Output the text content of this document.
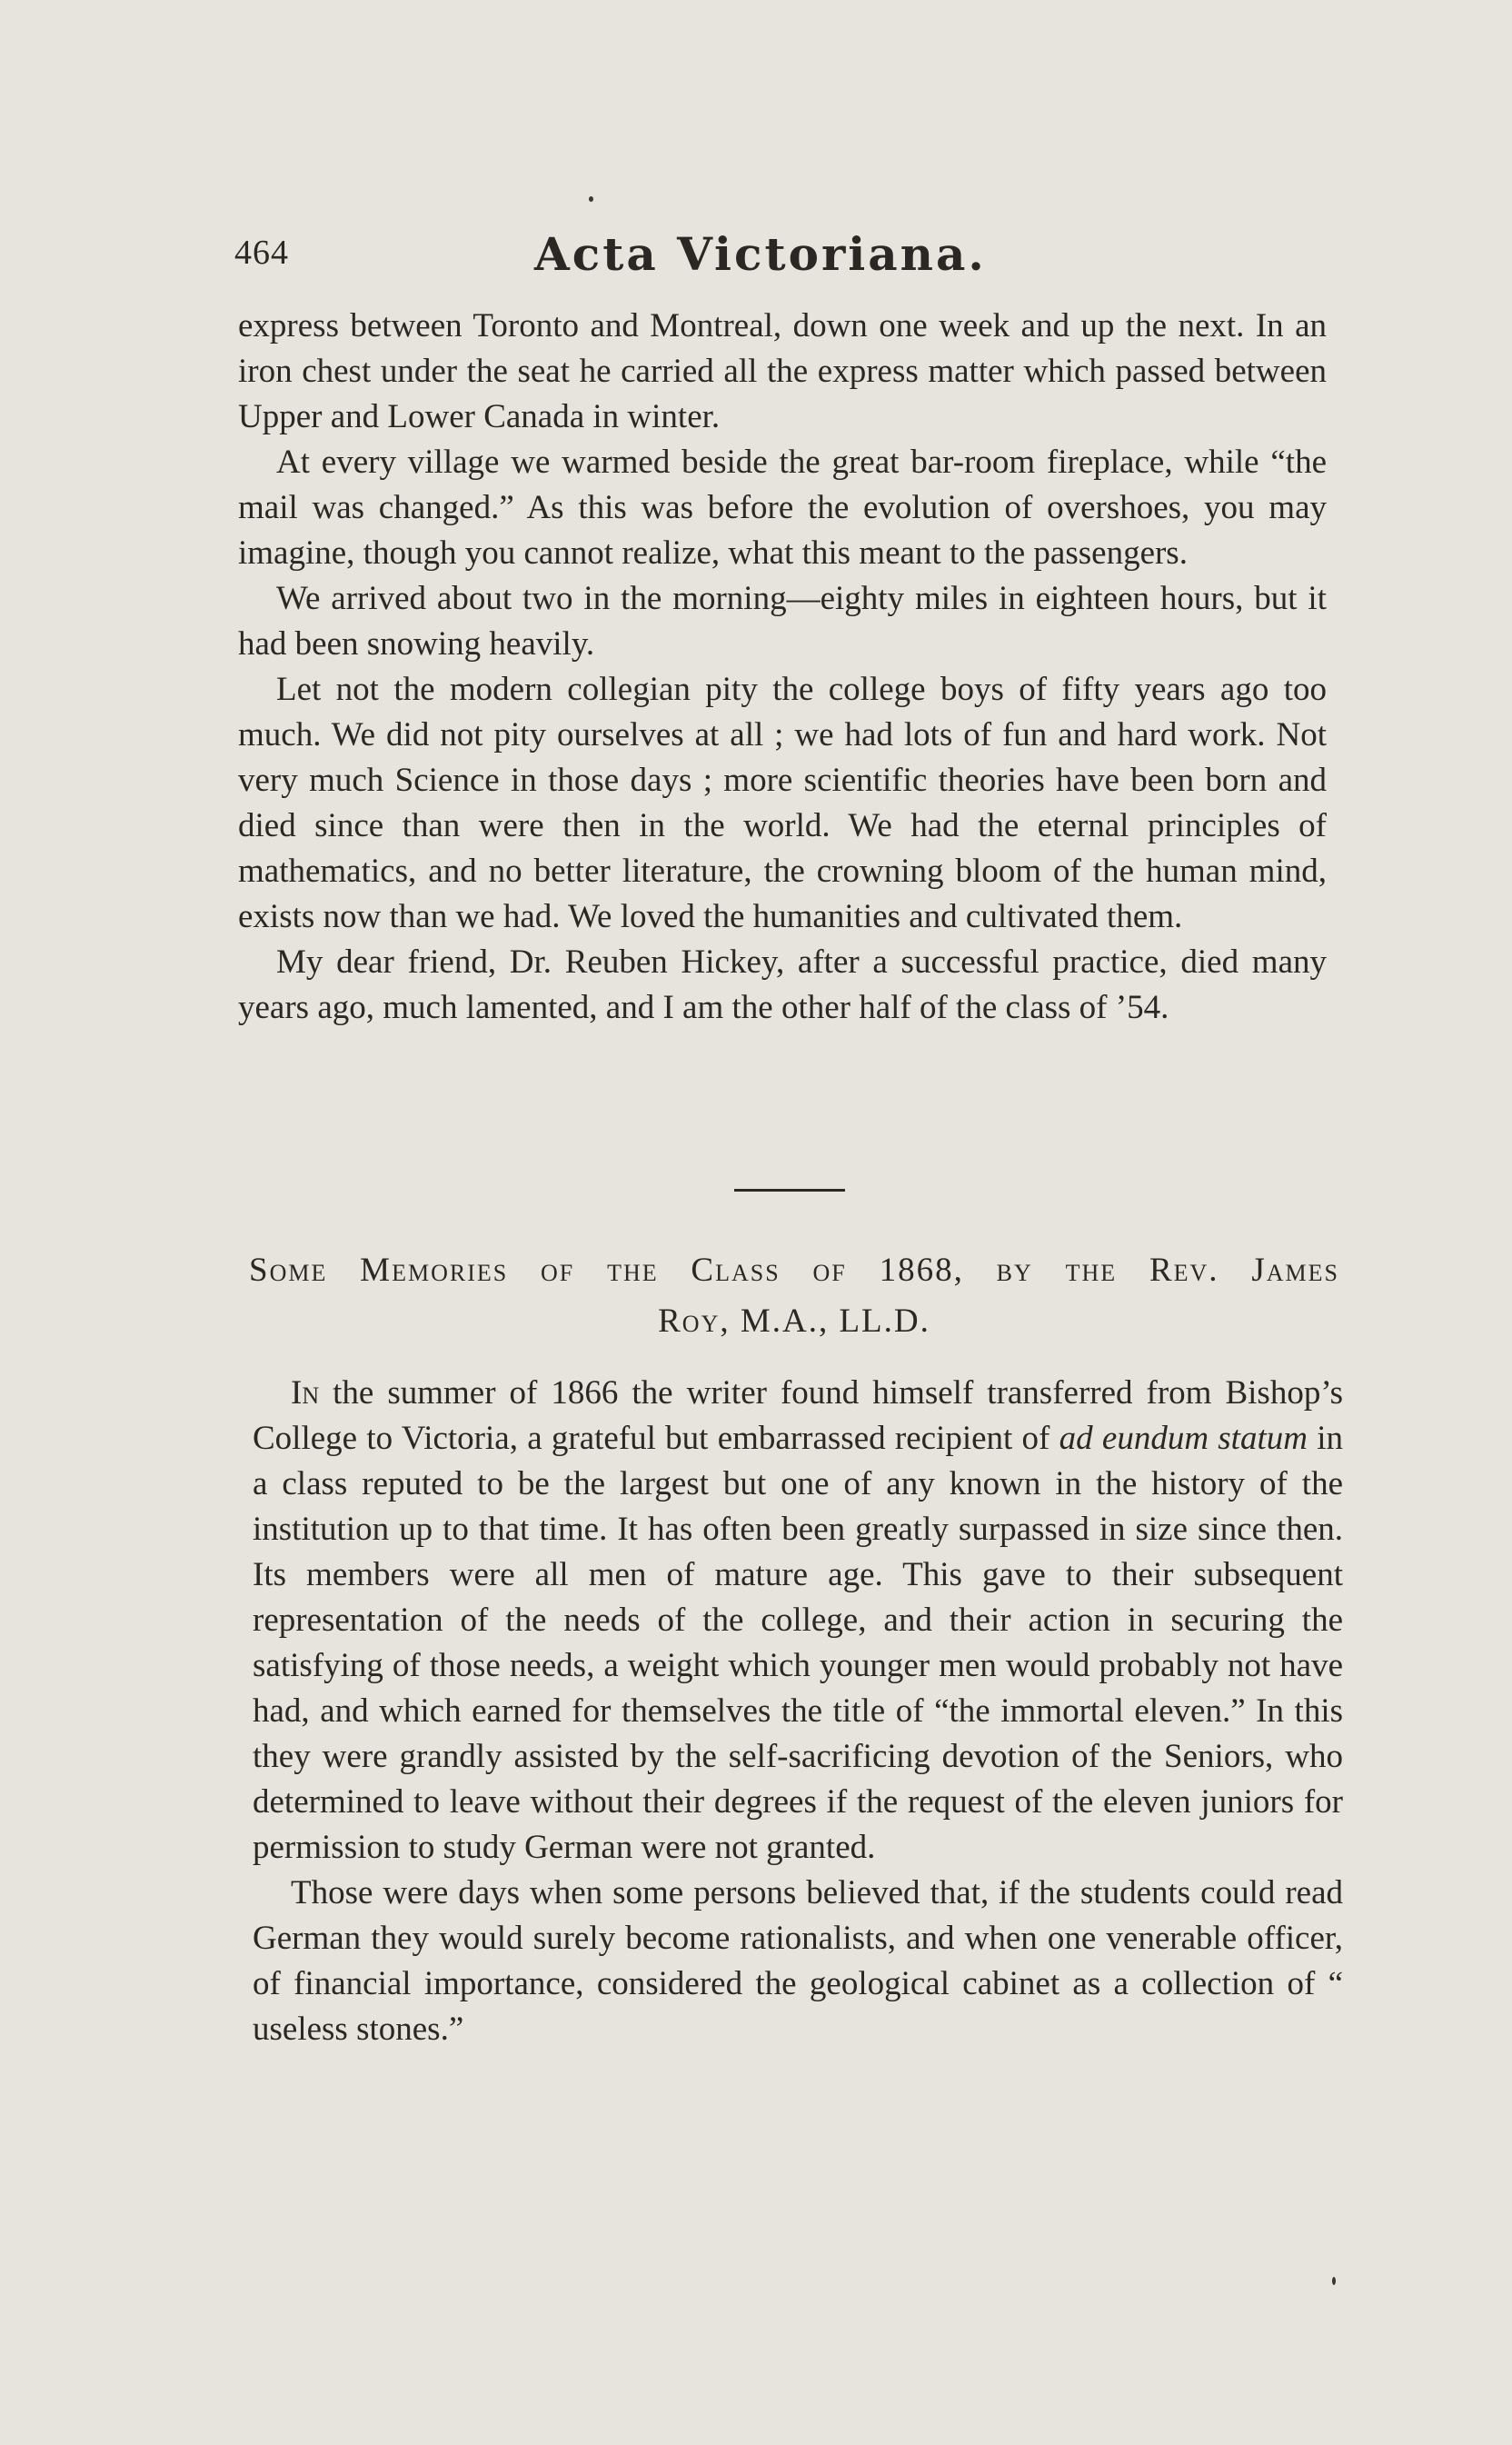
464	Acta Victoriana.

express between Toronto and Montreal, down one week and up the next. In an iron chest under the seat he carried all the express matter which passed between Upper and Lower Canada in winter.

At every village we warmed beside the great bar-room fireplace, while “the mail was changed.” As this was before the evolution of overshoes, you may imagine, though you cannot realize, what this meant to the passengers.

We arrived about two in the morning—eighty miles in eighteen hours, but it had been snowing heavily.

Let not the modern collegian pity the college boys of fifty years ago too much. We did not pity ourselves at all ; we had lots of fun and hard work. Not very much Science in those days ; more scientific theories have been born and died since than were then in the world. We had the eternal principles of mathematics, and no better literature, the crowning bloom of the human mind, exists now than we had. We loved the humanities and cultivated them.

My dear friend, Dr. Reuben Hickey, after a successful practice, died many years ago, much lamented, and I am the other half of the class of ’54.

Some Memories of the Class of 1868, by the Rev. James
Roy, M.A., LL.D.

In the summer of 1866 the writer found himself transferred from Bishop’s College to Victoria, a grateful but embarrassed recipient of ad eundum statum in a class reputed to be the largest but one of any known in the history of the institution up to that time. It has often been greatly surpassed in size since then. Its members were all men of mature age. This gave to their subsequent representation of the needs of the college, and their action in securing the satisfying of those needs, a weight which younger men would probably not have had, and which earned for themselves the title of “the immortal eleven.” In this they were grandly assisted by the self-sacrificing devotion of the Seniors, who determined to leave without their degrees if the request of the eleven juniors for permission to study German were not granted.

Those were days when some persons believed that, if the students could read German they would surely become rationalists, and when one venerable officer, of financial importance, considered the geological cabinet as a collection of “ useless stones.”
